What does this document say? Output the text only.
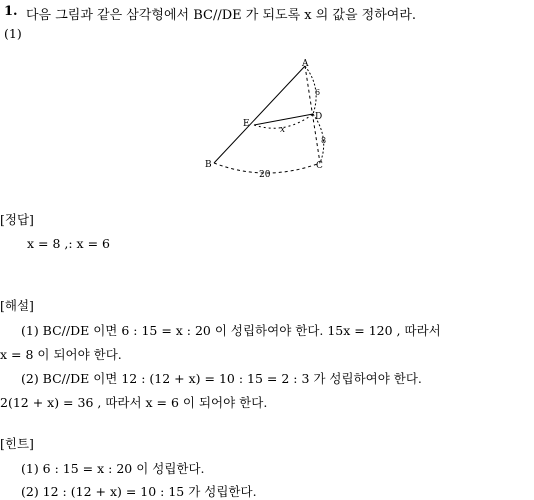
1. 다음 그림과 같은 삼각형에서 BC//DE 가 되도록 x 의 값을 정하여라.
(1)
A
B	C
D
E
6
8
x
20
[정답]
x = 8 ,: x = 6
[해설]
(1) BC//DE 이면 6 : 15 = x : 20 이 성립하여야 한다. 15x = 120 , 따라서
x = 8 이 되어야 한다.
(2) BC//DE 이면 12 : (12 + x) = 10 : 15 = 2 : 3 가 성립하여야 한다.
2(12 + x) = 36 , 따라서 x = 6 이 되어야 한다.
[힌트]
(1) 6 : 15 = x : 20 이 성립한다.
(2) 12 : (12 + x) = 10 : 15 가 성립한다.
